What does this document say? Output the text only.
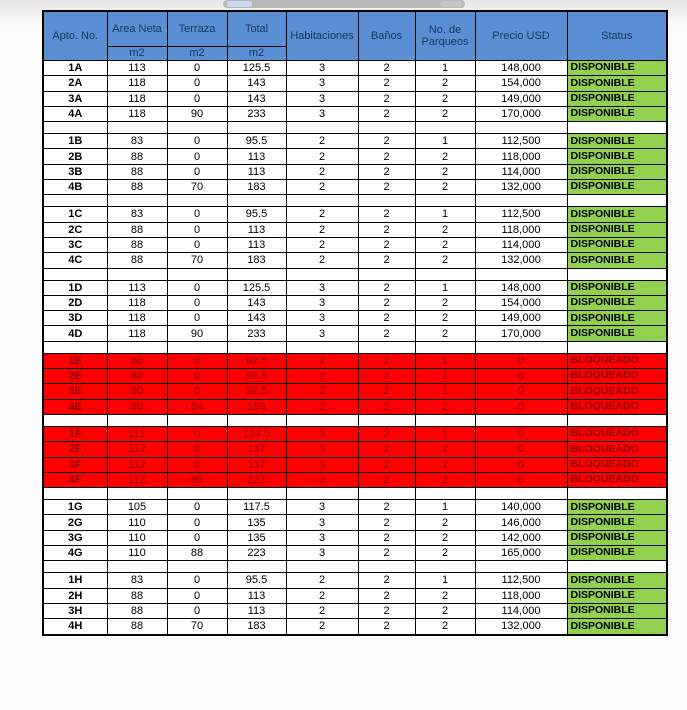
Apto. No.	Area Neta	Terraza	Total	Habitaciones	Baños	No. de Parqueos	Precio USD	Status
	m2	m2	m2					
1A	113	0	125.5	3	2	1	148,000	DISPONIBLE
2A	118	0	143	3	2	2	154,000	DISPONIBLE
3A	118	0	143	3	2	2	149,000	DISPONIBLE
4A	118	90	233	3	2	2	170,000	DISPONIBLE

1B	83	0	95.5	2	2	1	112,500	DISPONIBLE
2B	88	0	113	2	2	2	118,000	DISPONIBLE
3B	88	0	113	2	2	2	114,000	DISPONIBLE
4B	88	70	183	2	2	2	132,000	DISPONIBLE

1C	83	0	95.5	2	2	1	112,500	DISPONIBLE
2C	88	0	113	2	2	2	118,000	DISPONIBLE
3C	88	0	113	2	2	2	114,000	DISPONIBLE
4C	88	70	183	2	2	2	132,000	DISPONIBLE

1D	113	0	125.5	3	2	1	148,000	DISPONIBLE
2D	118	0	143	3	2	2	154,000	DISPONIBLE
3D	118	0	143	3	2	2	149,000	DISPONIBLE
4D	118	90	233	3	2	2	170,000	DISPONIBLE

1E	80	0	92.5	2	2	1	0	BLOQUEADO
2E	80	0	92.5	2	2	1	0	BLOQUEADO
3E	80	0	92.5	2	2	1	0	BLOQUEADO
4E	80	64	169	2	2	2	0	BLOQUEADO

1F	112	0	124.5	3	2	1	0	BLOQUEADO
2F	112	0	137	3	2	2	0	BLOQUEADO
3F	112	0	137	3	2	2	0	BLOQUEADO
4F	112	90	227	3	2	2	0	BLOQUEADO

1G	105	0	117.5	3	2	1	140,000	DISPONIBLE
2G	110	0	135	3	2	2	146,000	DISPONIBLE
3G	110	0	135	3	2	2	142,000	DISPONIBLE
4G	110	88	223	3	2	2	165,000	DISPONIBLE

1H	83	0	95.5	2	2	1	112,500	DISPONIBLE
2H	88	0	113	2	2	2	118,000	DISPONIBLE
3H	88	0	113	2	2	2	114,000	DISPONIBLE
4H	88	70	183	2	2	2	132,000	DISPONIBLE
